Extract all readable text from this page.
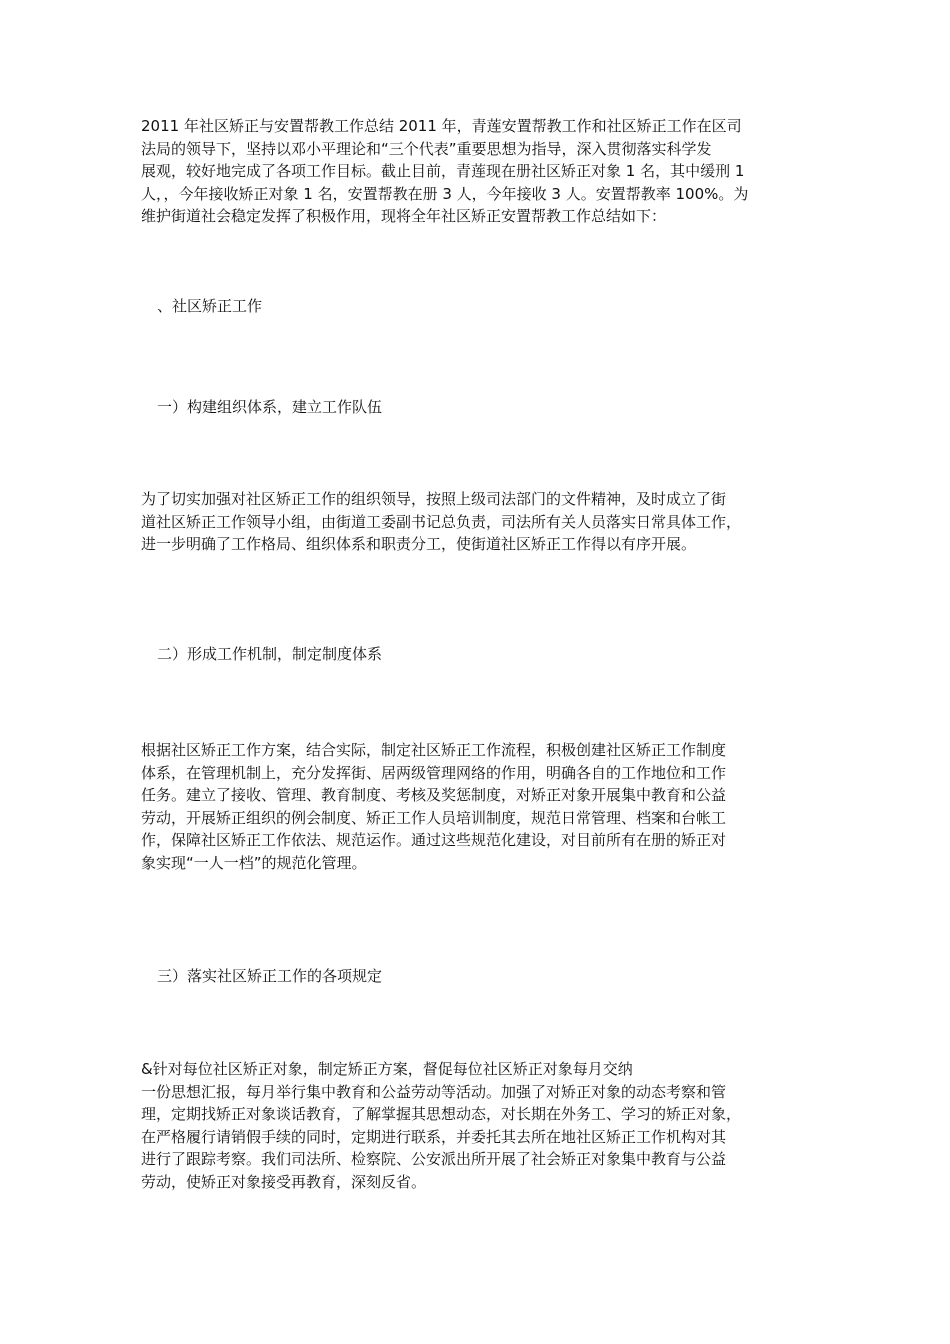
2011 年社区矫正与安置帮教工作总结 2011 年，青莲安置帮教工作和社区矫正工作在区司
法局的领导下，坚持以邓小平理论和“三个代表”重要思想为指导，深入贯彻落实科学发
展观，较好地完成了各项工作目标。截止目前，青莲现在册社区矫正对象 1 名，其中缓刑 1
人，，今年接收矫正对象 1 名，安置帮教在册 3 人，今年接收 3 人。安置帮教率 100%。为
维护街道社会稳定发挥了积极作用，现将全年社区矫正安置帮教工作总结如下：
、社区矫正工作
一）构建组织体系，建立工作队伍
为了切实加强对社区矫正工作的组织领导，按照上级司法部门的文件精神，及时成立了街
道社区矫正工作领导小组，由街道工委副书记总负责，司法所有关人员落实日常具体工作，
进一步明确了工作格局、组织体系和职责分工，使街道社区矫正工作得以有序开展。
二）形成工作机制，制定制度体系
根据社区矫正工作方案，结合实际，制定社区矫正工作流程，积极创建社区矫正工作制度
体系，在管理机制上，充分发挥街、居两级管理网络的作用，明确各自的工作地位和工作
任务。建立了接收、管理、教育制度、考核及奖惩制度，对矫正对象开展集中教育和公益
劳动，开展矫正组织的例会制度、矫正工作人员培训制度，规范日常管理、档案和台帐工
作，保障社区矫正工作依法、规范运作。通过这些规范化建设，对目前所有在册的矫正对
象实现“一人一档”的规范化管理。
三）落实社区矫正工作的各项规定
&针对每位社区矫正对象，制定矫正方案，督促每位社区矫正对象每月交纳
一份思想汇报，每月举行集中教育和公益劳动等活动。加强了对矫正对象的动态考察和管
理，定期找矫正对象谈话教育，了解掌握其思想动态，对长期在外务工、学习的矫正对象，
在严格履行请销假手续的同时，定期进行联系，并委托其去所在地社区矫正工作机构对其
进行了跟踪考察。我们司法所、检察院、公安派出所开展了社会矫正对象集中教育与公益
劳动，使矫正对象接受再教育，深刻反省。
